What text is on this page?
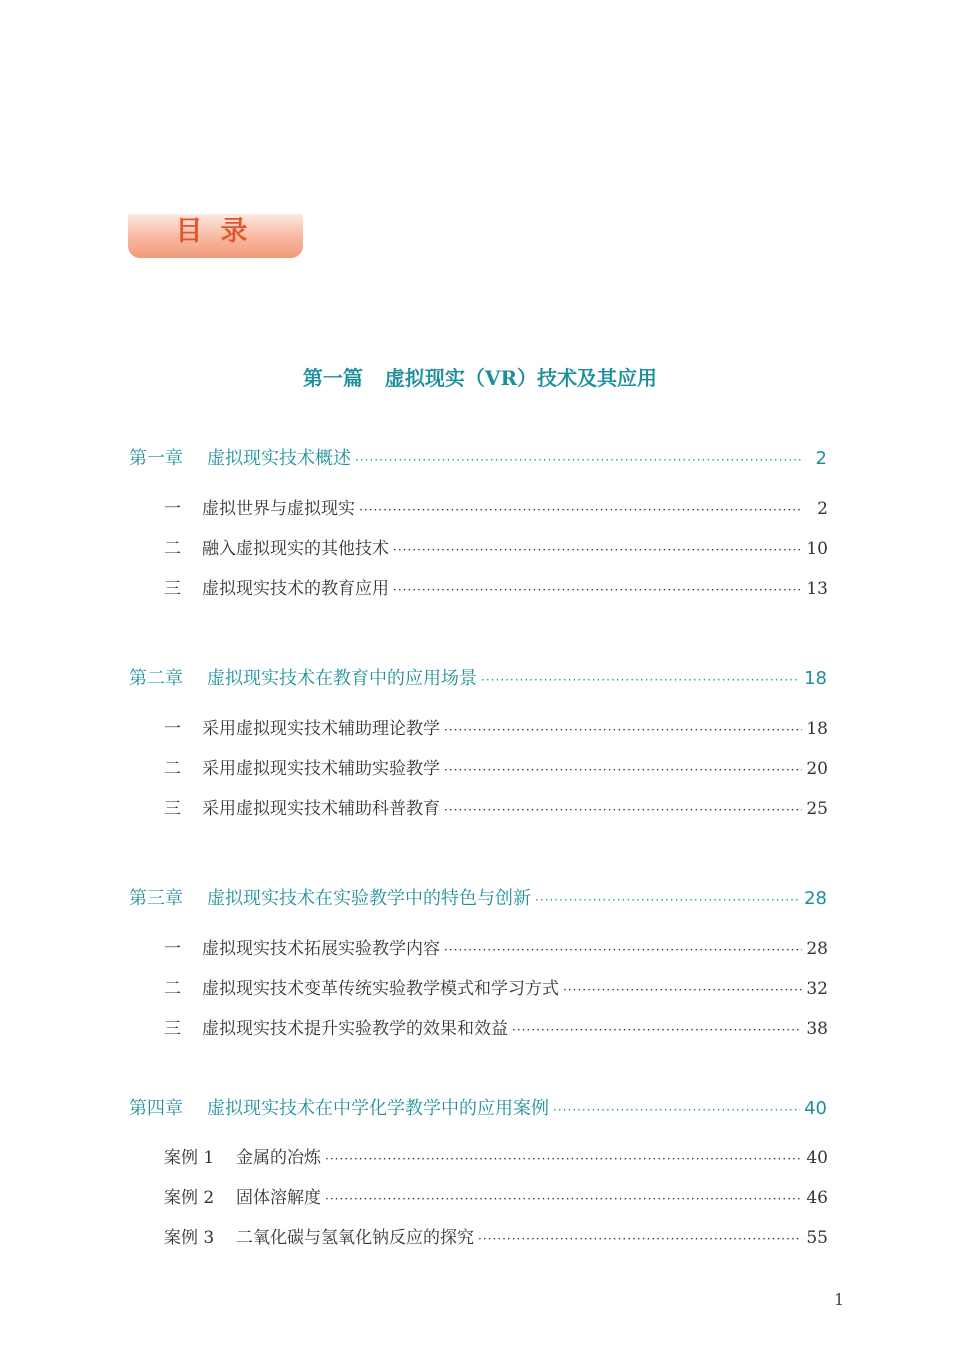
目录
第一篇 虚拟现实（VR）技术及其应用
第一章	虚拟现实技术概述 ·····	2
一	虚拟世界与虚拟现实 ·····	2
二	融入虚拟现实的其他技术 ·····	10
三	虚拟现实技术的教育应用 ·····	13
第二章	虚拟现实技术在教育中的应用场景 ·····	18
一	采用虚拟现实技术辅助理论教学 ·····	18
二	采用虚拟现实技术辅助实验教学 ·····	20
三	采用虚拟现实技术辅助科普教育 ·····	25
第三章	虚拟现实技术在实验教学中的特色与创新 ·····	28
一	虚拟现实技术拓展实验教学内容 ·····	28
二	虚拟现实技术变革传统实验教学模式和学习方式 ·····	32
三	虚拟现实技术提升实验教学的效果和效益 ·····	38
第四章	虚拟现实技术在中学化学教学中的应用案例 ·····	40
案例 1	金属的冶炼 ·····	40
案例 2	固体溶解度 ·····	46
案例 3	二氧化碳与氢氧化钠反应的探究 ·····	55
1
